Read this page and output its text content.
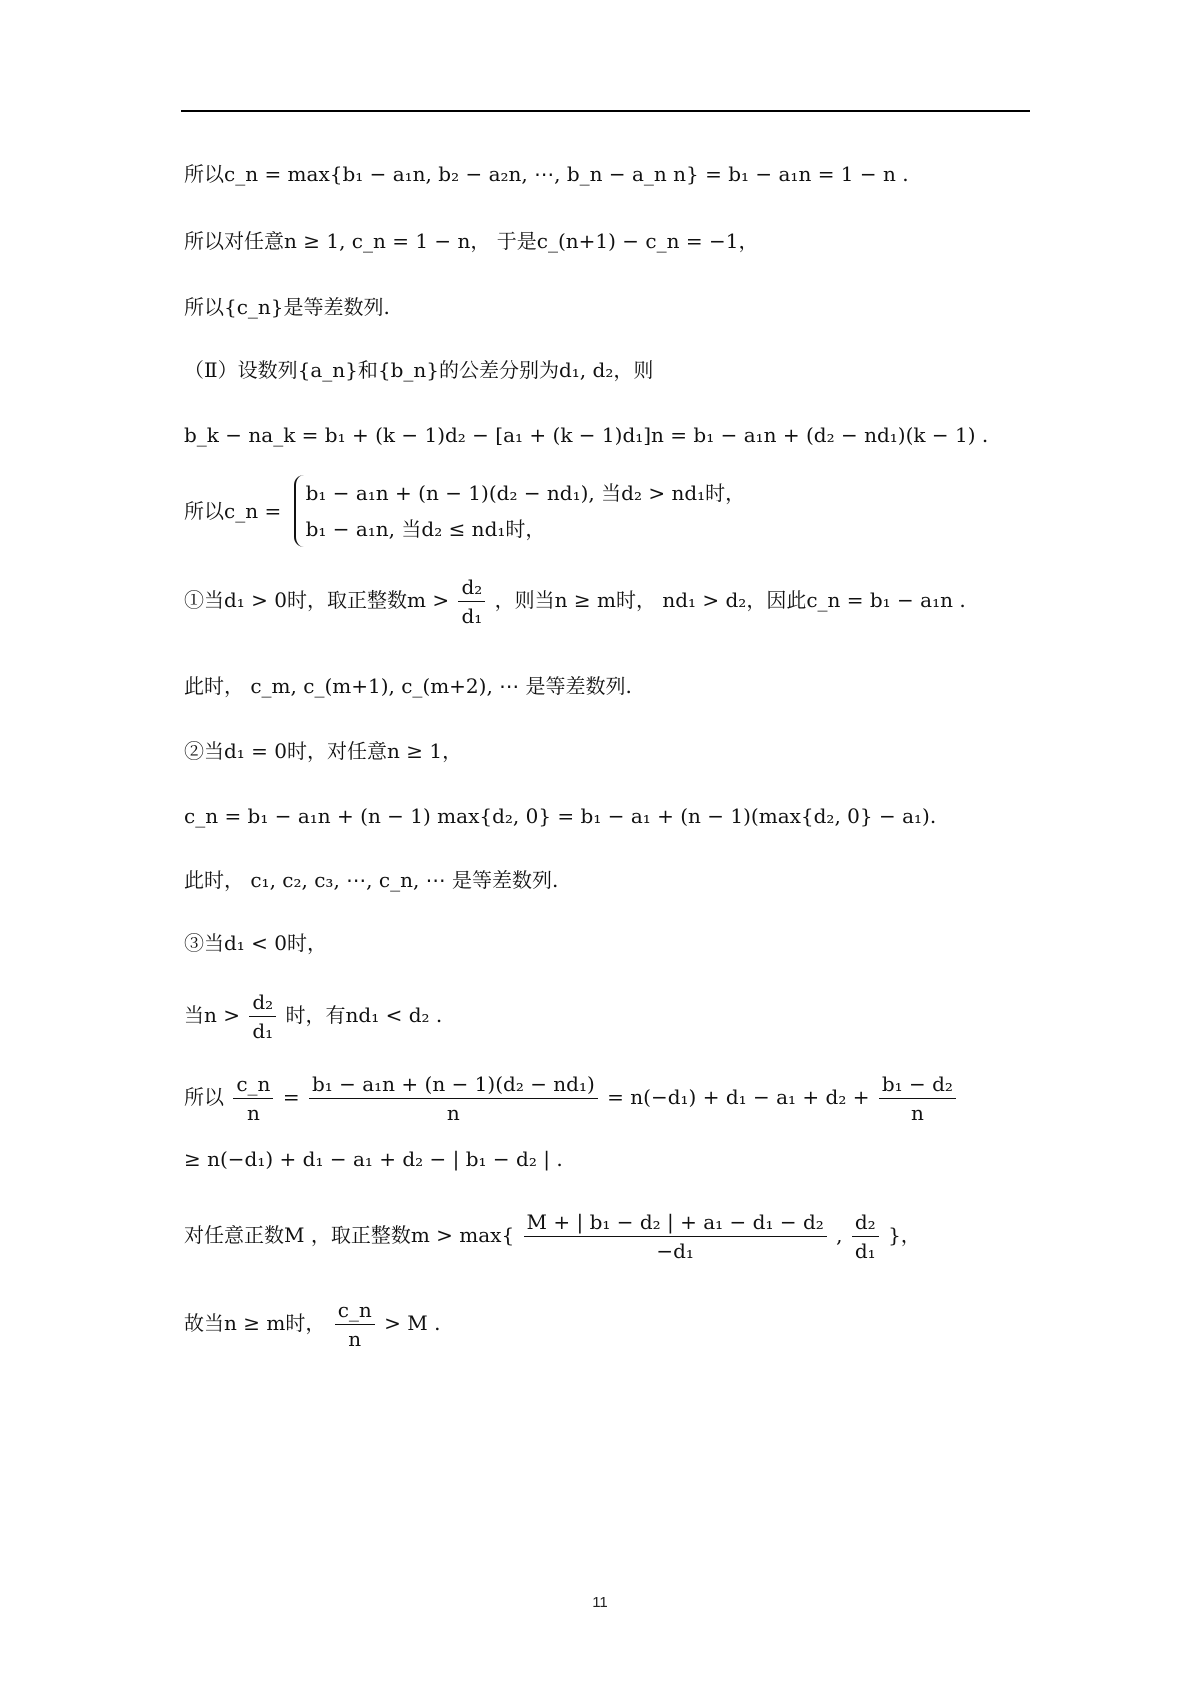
所以c_n = max{b₁ − a₁n, b₂ − a₂n, ⋯, b_n − a_n n} = b₁ − a₁n = 1 − n .
所以对任意n ≥ 1, c_n = 1 − n， 于是c_(n+1) − c_n = −1，
所以{c_n}是等差数列.
（Ⅱ）设数列{a_n}和{b_n}的公差分别为d₁, d₂，则
b_k − na_k = b₁ + (k − 1)d₂ − [a₁ + (k − 1)d₁]n = b₁ − a₁n + (d₂ − nd₁)(k − 1) .
所以c_n =
b₁ − a₁n + (n − 1)(d₂ − nd₁), 当d₂ > nd₁时，
b₁ − a₁n, 当d₂ ≤ nd₁时，
①当d₁ > 0时，取正整数$m > \frac{\text{d₂}}{\text{d₁}}$ ，则当n ≥ m时， nd₁ > d₂，因此c_n = b₁ − a₁n .
此时， c_m, c_(m+1), c_(m+2), ⋯ 是等差数列.
②当d₁ = 0时，对任意n ≥ 1，
c_n = b₁ − a₁n + (n − 1) max{d₂, 0} = b₁ − a₁ + (n − 1)(max{d₂, 0} − a₁).
此时， c₁, c₂, c₃, ⋯, c_n, ⋯ 是等差数列.
③当d₁ < 0时，
当$n > \frac{\text{d₂}}{\text{d₁}}$ 时，有nd₁ < d₂ .
所以 $\frac{c\_n}{n} = \frac{\text{b₁ − a₁n + (n − 1)(d₂ − nd₁)}}{n} = n(-d_1) + d_1 - a_1 + d_2 + \frac{\text{b₁ − d₂}}{n}$
≥ n(−d₁) + d₁ − a₁ + d₂ − | b₁ − d₂ | .
对任意正数M ，取正整数$m > \max\{ \frac{\text{M + | b₁ − d₂ | + a₁ − d₁ − d₂}}{\text{−d₁}}$ , $\frac{\text{d₂}}{\text{d₁}}$ }，
故当n ≥ m时， $\frac{c\_n}{n} > M$ .
11
